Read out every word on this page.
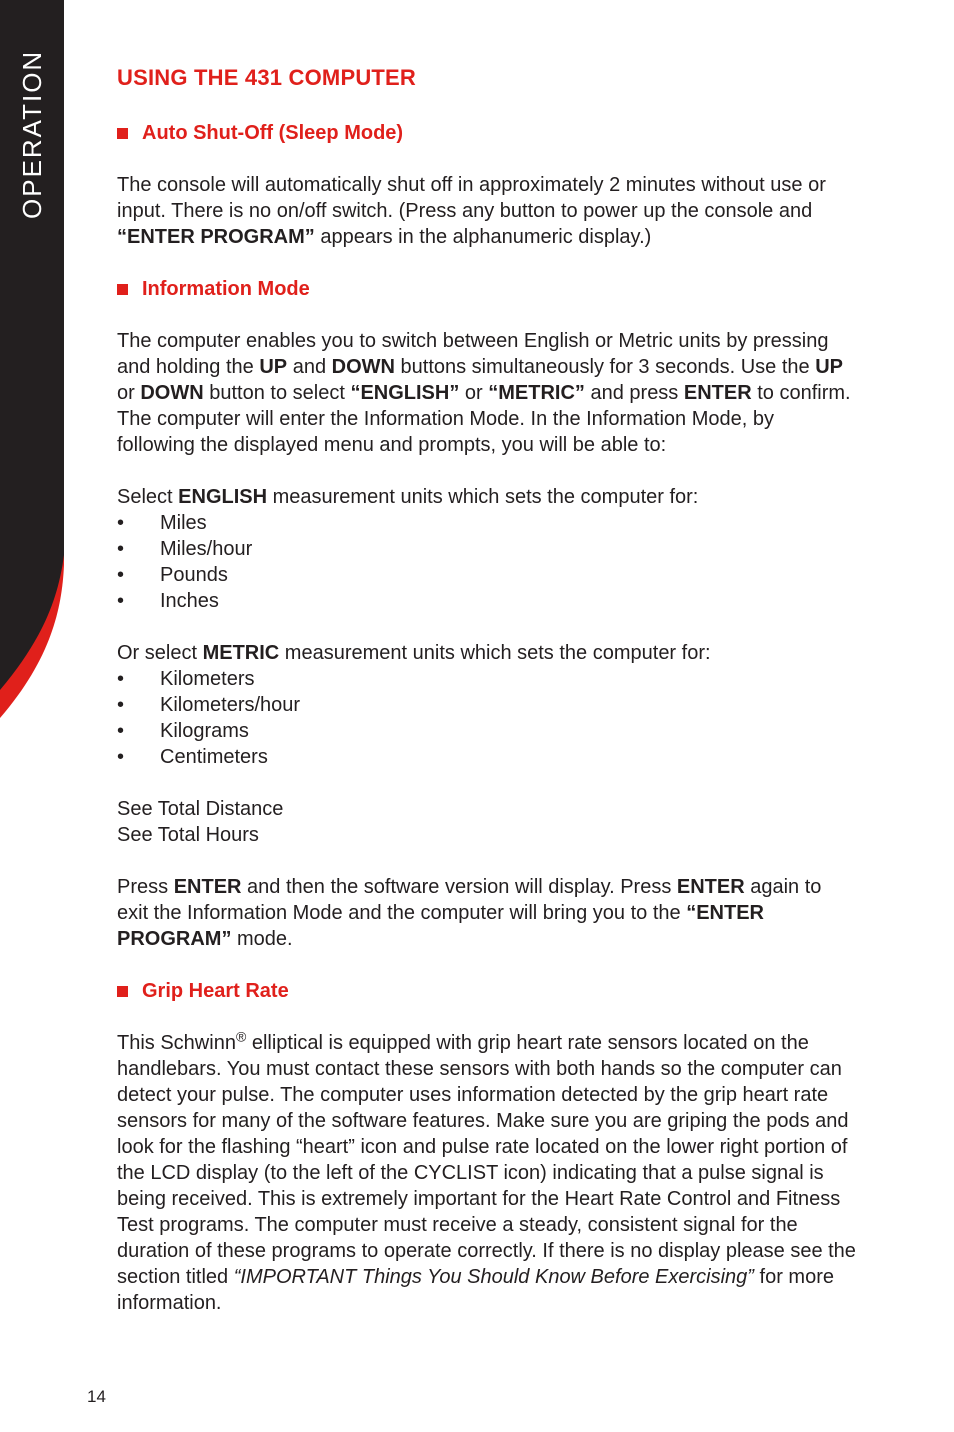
OPERATION	USING THE 431 COMPUTER
Auto Shut-Off (Sleep Mode)

The console will automatically shut off in approximately 2 minutes without use or input. There is no on/off switch. (Press any button to power up the console and “ENTER PROGRAM” appears in the alphanumeric display.)

Information Mode

The computer enables you to switch between English or Metric units by pressing and holding the UP and DOWN buttons simultaneously for 3 seconds. Use the UP or DOWN button to select “ENGLISH” or “METRIC” and press ENTER to confirm. The computer will enter the Information Mode. In the Information Mode, by following the displayed menu and prompts, you will be able to:

Select ENGLISH measurement units which sets the computer for:

•	Miles
•	Miles/hour
•	Pounds
•	Inches

Or select METRIC measurement units which sets the computer for:

•	Kilometers
•	Kilometers/hour
•	Kilograms
•	Centimeters

See Total Distance

See Total Hours

Press ENTER and then the software version will display. Press ENTER again to exit the Information Mode and the computer will bring you to the “ENTER PROGRAM” mode.

Grip Heart Rate

This Schwinn® elliptical is equipped with grip heart rate sensors located on the handlebars. You must contact these sensors with both hands so the computer can detect your pulse. The computer uses information detected by the grip heart rate sensors for many of the software features. Make sure you are griping the pods and look for the flashing “heart” icon and pulse rate located on the lower right portion of the LCD display (to the left of the CYCLIST icon) indicating that a pulse signal is being received. This is extremely important for the Heart Rate Control and Fitness Test programs. The computer must receive a steady, consistent signal for the duration of these programs to operate correctly. If there is no display please see the section titled “IMPORTANT Things You Should Know Before Exercising” for more information.

14
